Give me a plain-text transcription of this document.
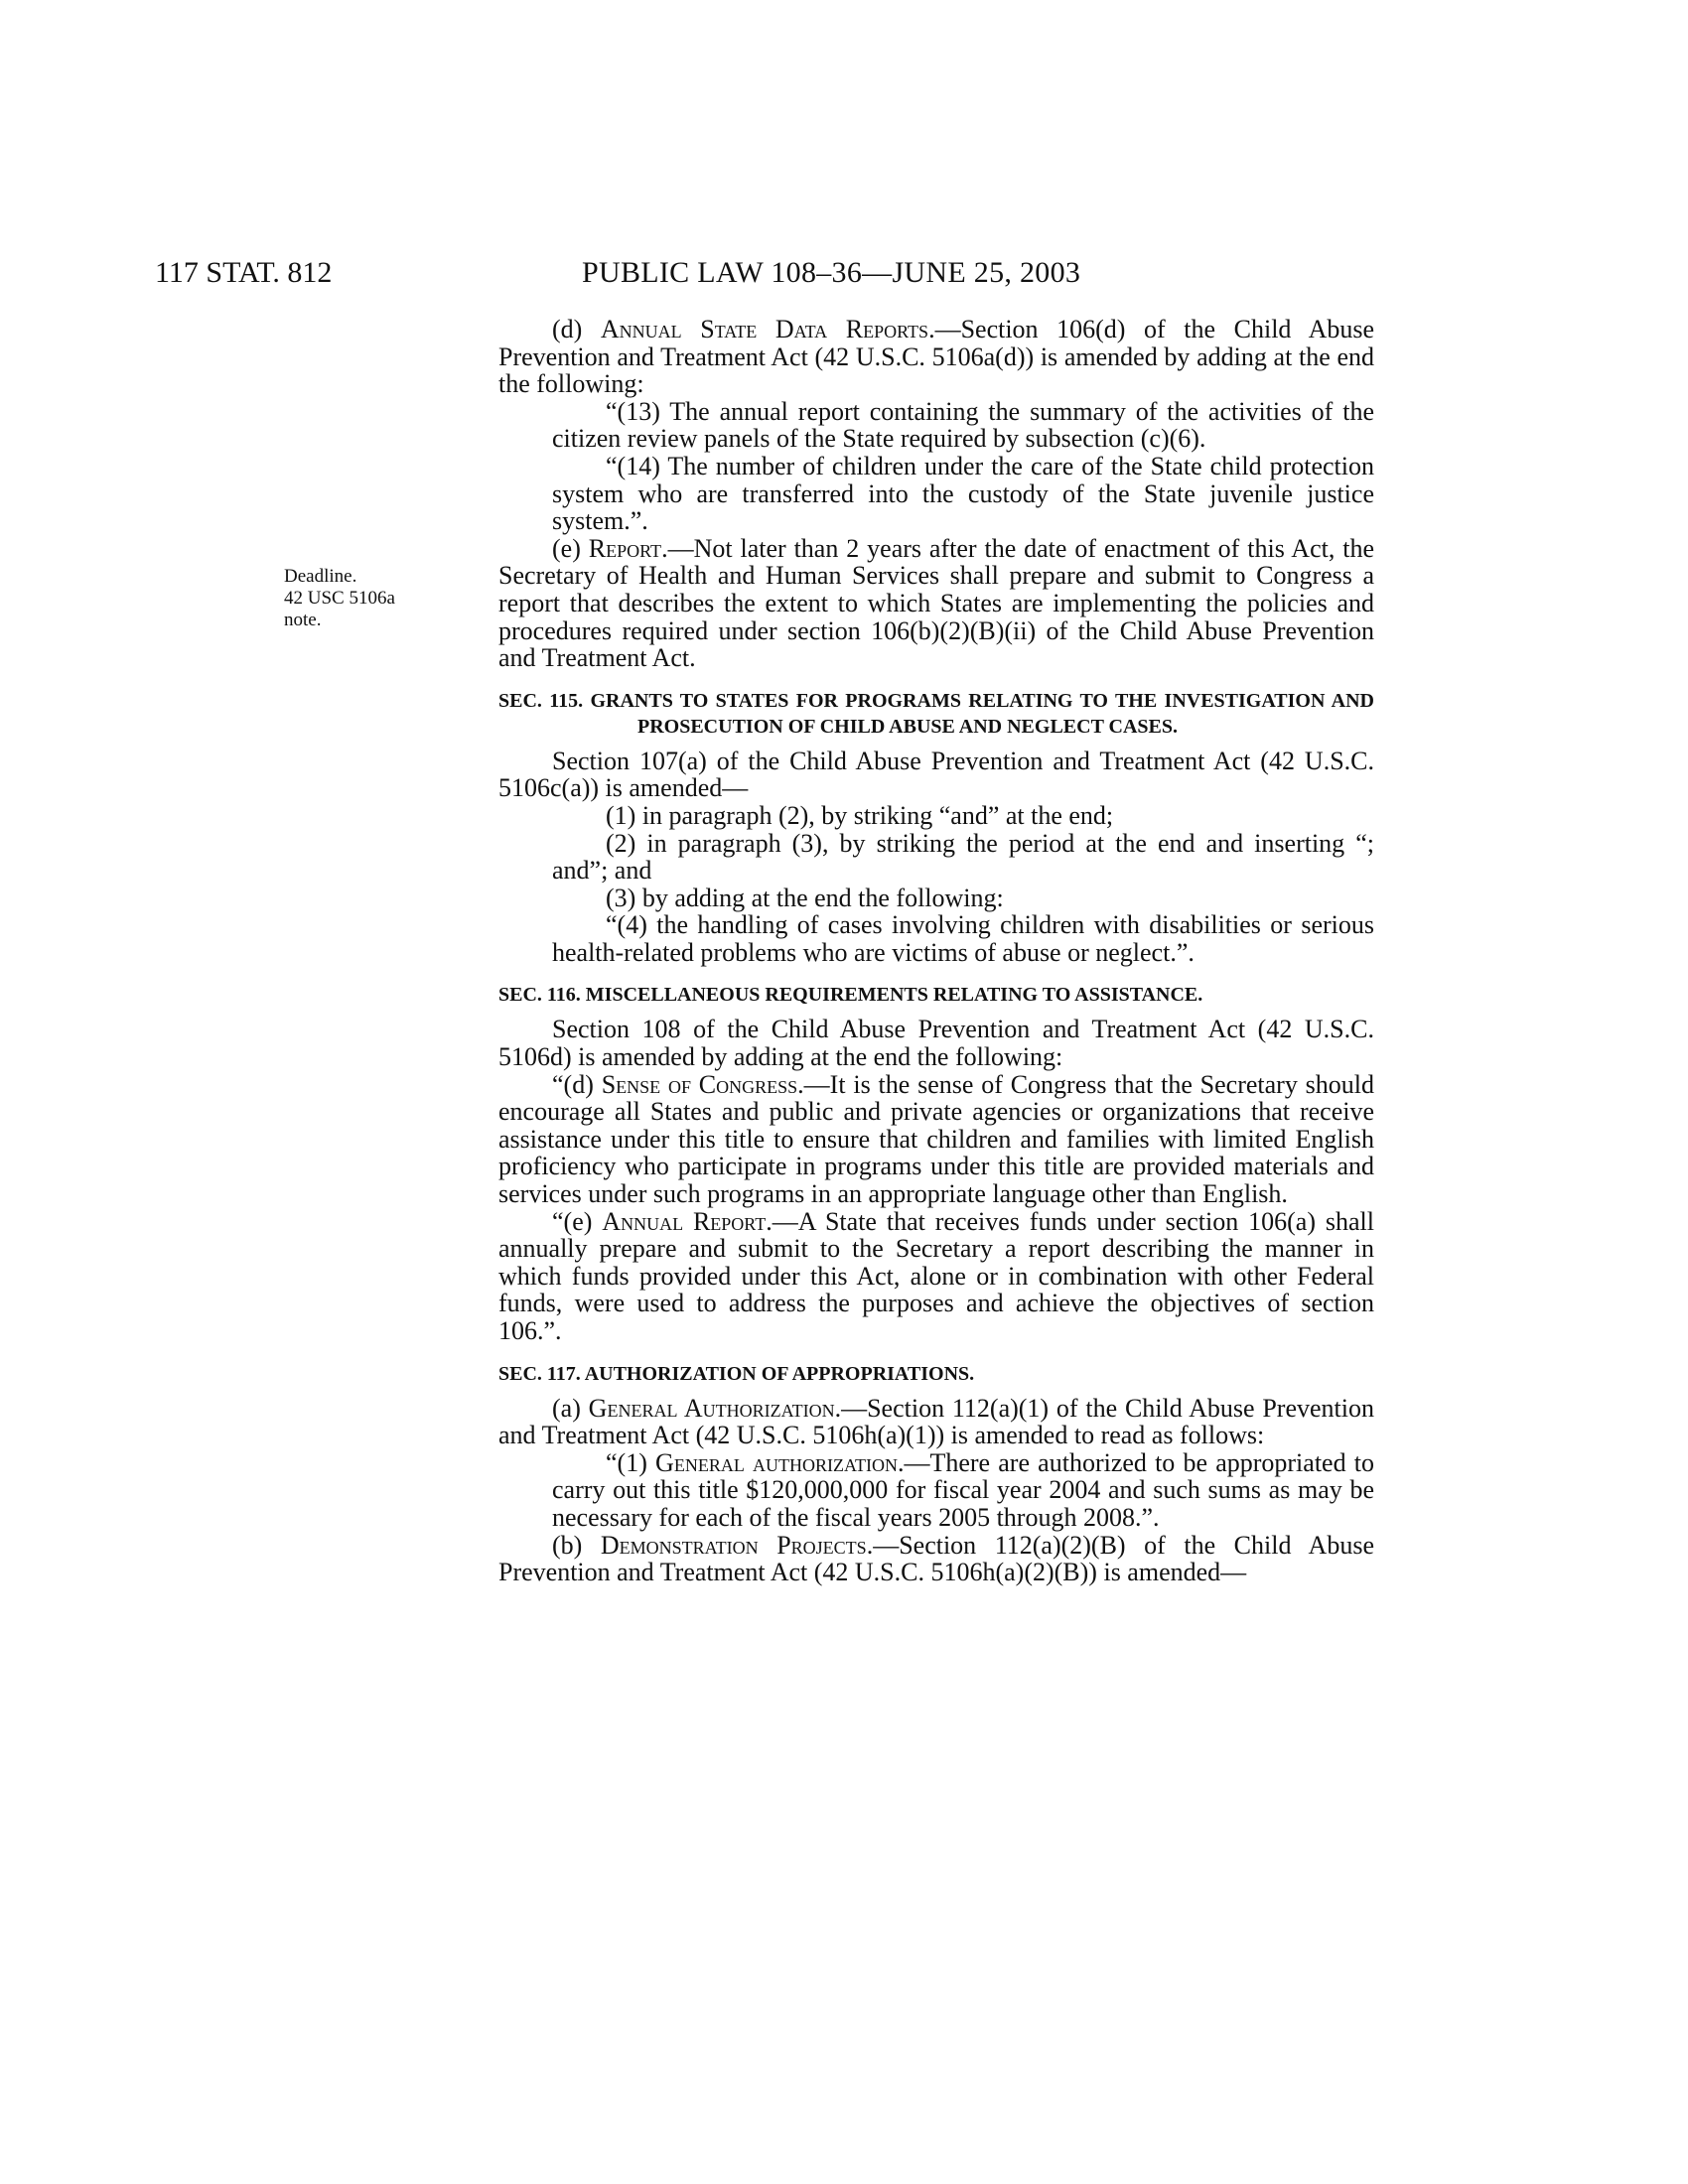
117 STAT. 812	PUBLIC LAW 108–36—JUNE 25, 2003
Deadline.
42 USC 5106a
note.

(d) Annual State Data Reports.—Section 106(d) of the Child Abuse Prevention and Treatment Act (42 U.S.C. 5106a(d)) is amended by adding at the end the following:

“(13) The annual report containing the summary of the activities of the citizen review panels of the State required by subsection (c)(6).

“(14) The number of children under the care of the State child protection system who are transferred into the custody of the State juvenile justice system.”.

(e) Report.—Not later than 2 years after the date of enactment of this Act, the Secretary of Health and Human Services shall prepare and submit to Congress a report that describes the extent to which States are implementing the policies and procedures required under section 106(b)(2)(B)(ii) of the Child Abuse Prevention and Treatment Act.

SEC. 115. GRANTS TO STATES FOR PROGRAMS RELATING TO THE INVESTIGATION AND PROSECUTION OF CHILD ABUSE AND NEGLECT CASES.

Section 107(a) of the Child Abuse Prevention and Treatment Act (42 U.S.C. 5106c(a)) is amended—

(1) in paragraph (2), by striking “and” at the end;

(2) in paragraph (3), by striking the period at the end and inserting “; and”; and

(3) by adding at the end the following:

“(4) the handling of cases involving children with disabilities or serious health-related problems who are victims of abuse or neglect.”.

SEC. 116. MISCELLANEOUS REQUIREMENTS RELATING TO ASSISTANCE.

Section 108 of the Child Abuse Prevention and Treatment Act (42 U.S.C. 5106d) is amended by adding at the end the following:

“(d) Sense of Congress.—It is the sense of Congress that the Secretary should encourage all States and public and private agencies or organizations that receive assistance under this title to ensure that children and families with limited English proficiency who participate in programs under this title are provided materials and services under such programs in an appropriate language other than English.

“(e) Annual Report.—A State that receives funds under section 106(a) shall annually prepare and submit to the Secretary a report describing the manner in which funds provided under this Act, alone or in combination with other Federal funds, were used to address the purposes and achieve the objectives of section 106.”.

SEC. 117. AUTHORIZATION OF APPROPRIATIONS.

(a) General Authorization.—Section 112(a)(1) of the Child Abuse Prevention and Treatment Act (42 U.S.C. 5106h(a)(1)) is amended to read as follows:

“(1) General authorization.—There are authorized to be appropriated to carry out this title $120,000,000 for fiscal year 2004 and such sums as may be necessary for each of the fiscal years 2005 through 2008.”.

(b) Demonstration Projects.—Section 112(a)(2)(B) of the Child Abuse Prevention and Treatment Act (42 U.S.C. 5106h(a)(2)(B)) is amended—
